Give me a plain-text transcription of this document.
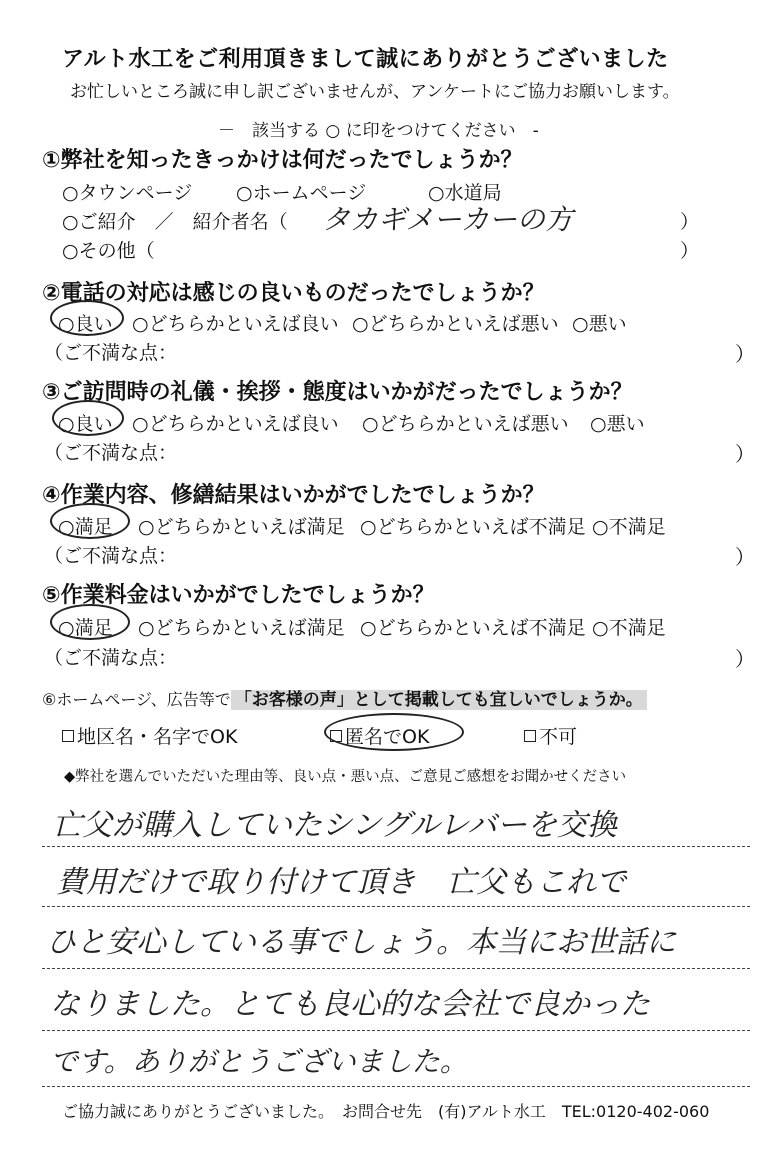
アルト水工をご利用頂きまして誠にありがとうございました
お忙しいところ誠に申し訳ございませんが、アンケートにご協力お願いします。
－　該当する ○ に印をつけてください　-
①弊社を知ったきっかけは何だったでしょうか？
○タウンページ ○ホームページ	○水道局
○ご紹介　／　紹介者名（ タカギメーカーの方	）
○その他（	）
②電話の対応は感じの良いものだったでしょうか？
○良い ○どちらかといえば良い ○どちらかといえば悪い ○悪い
（ご不満な点：	）
③ご訪問時の礼儀・挨拶・態度はいかがだったでしょうか？
○良い ○どちらかといえば良い ○どちらかといえば悪い ○悪い
（ご不満な点：	）
④作業内容、修繕結果はいかがでしたでしょうか？
○満足 ○どちらかといえば満足 ○どちらかといえば不満足 ○不満足
（ご不満な点：	）
⑤作業料金はいかがでしたでしょうか？
○満足 ○どちらかといえば満足 ○どちらかといえば不満足 ○不満足
（ご不満な点：	）
⑥ホームページ、広告等で 「お客様の声」として掲載しても宜しいでしょうか。
地区名・名字でOK	匿名でOK	不可
◆弊社を選んでいただいた理由等、良い点・悪い点、ご意見ご感想をお聞かせください
亡父が購入していたシングルレバーを交換
費用だけで取り付けて頂き　亡父もこれで
ひと安心している事でしょう。本当にお世話に
なりました。とても良心的な会社で良かった
です。ありがとうございました。
ご協力誠にありがとうございました。　お問合せ先　(有)アルト水工　TEL:0120-402-060
